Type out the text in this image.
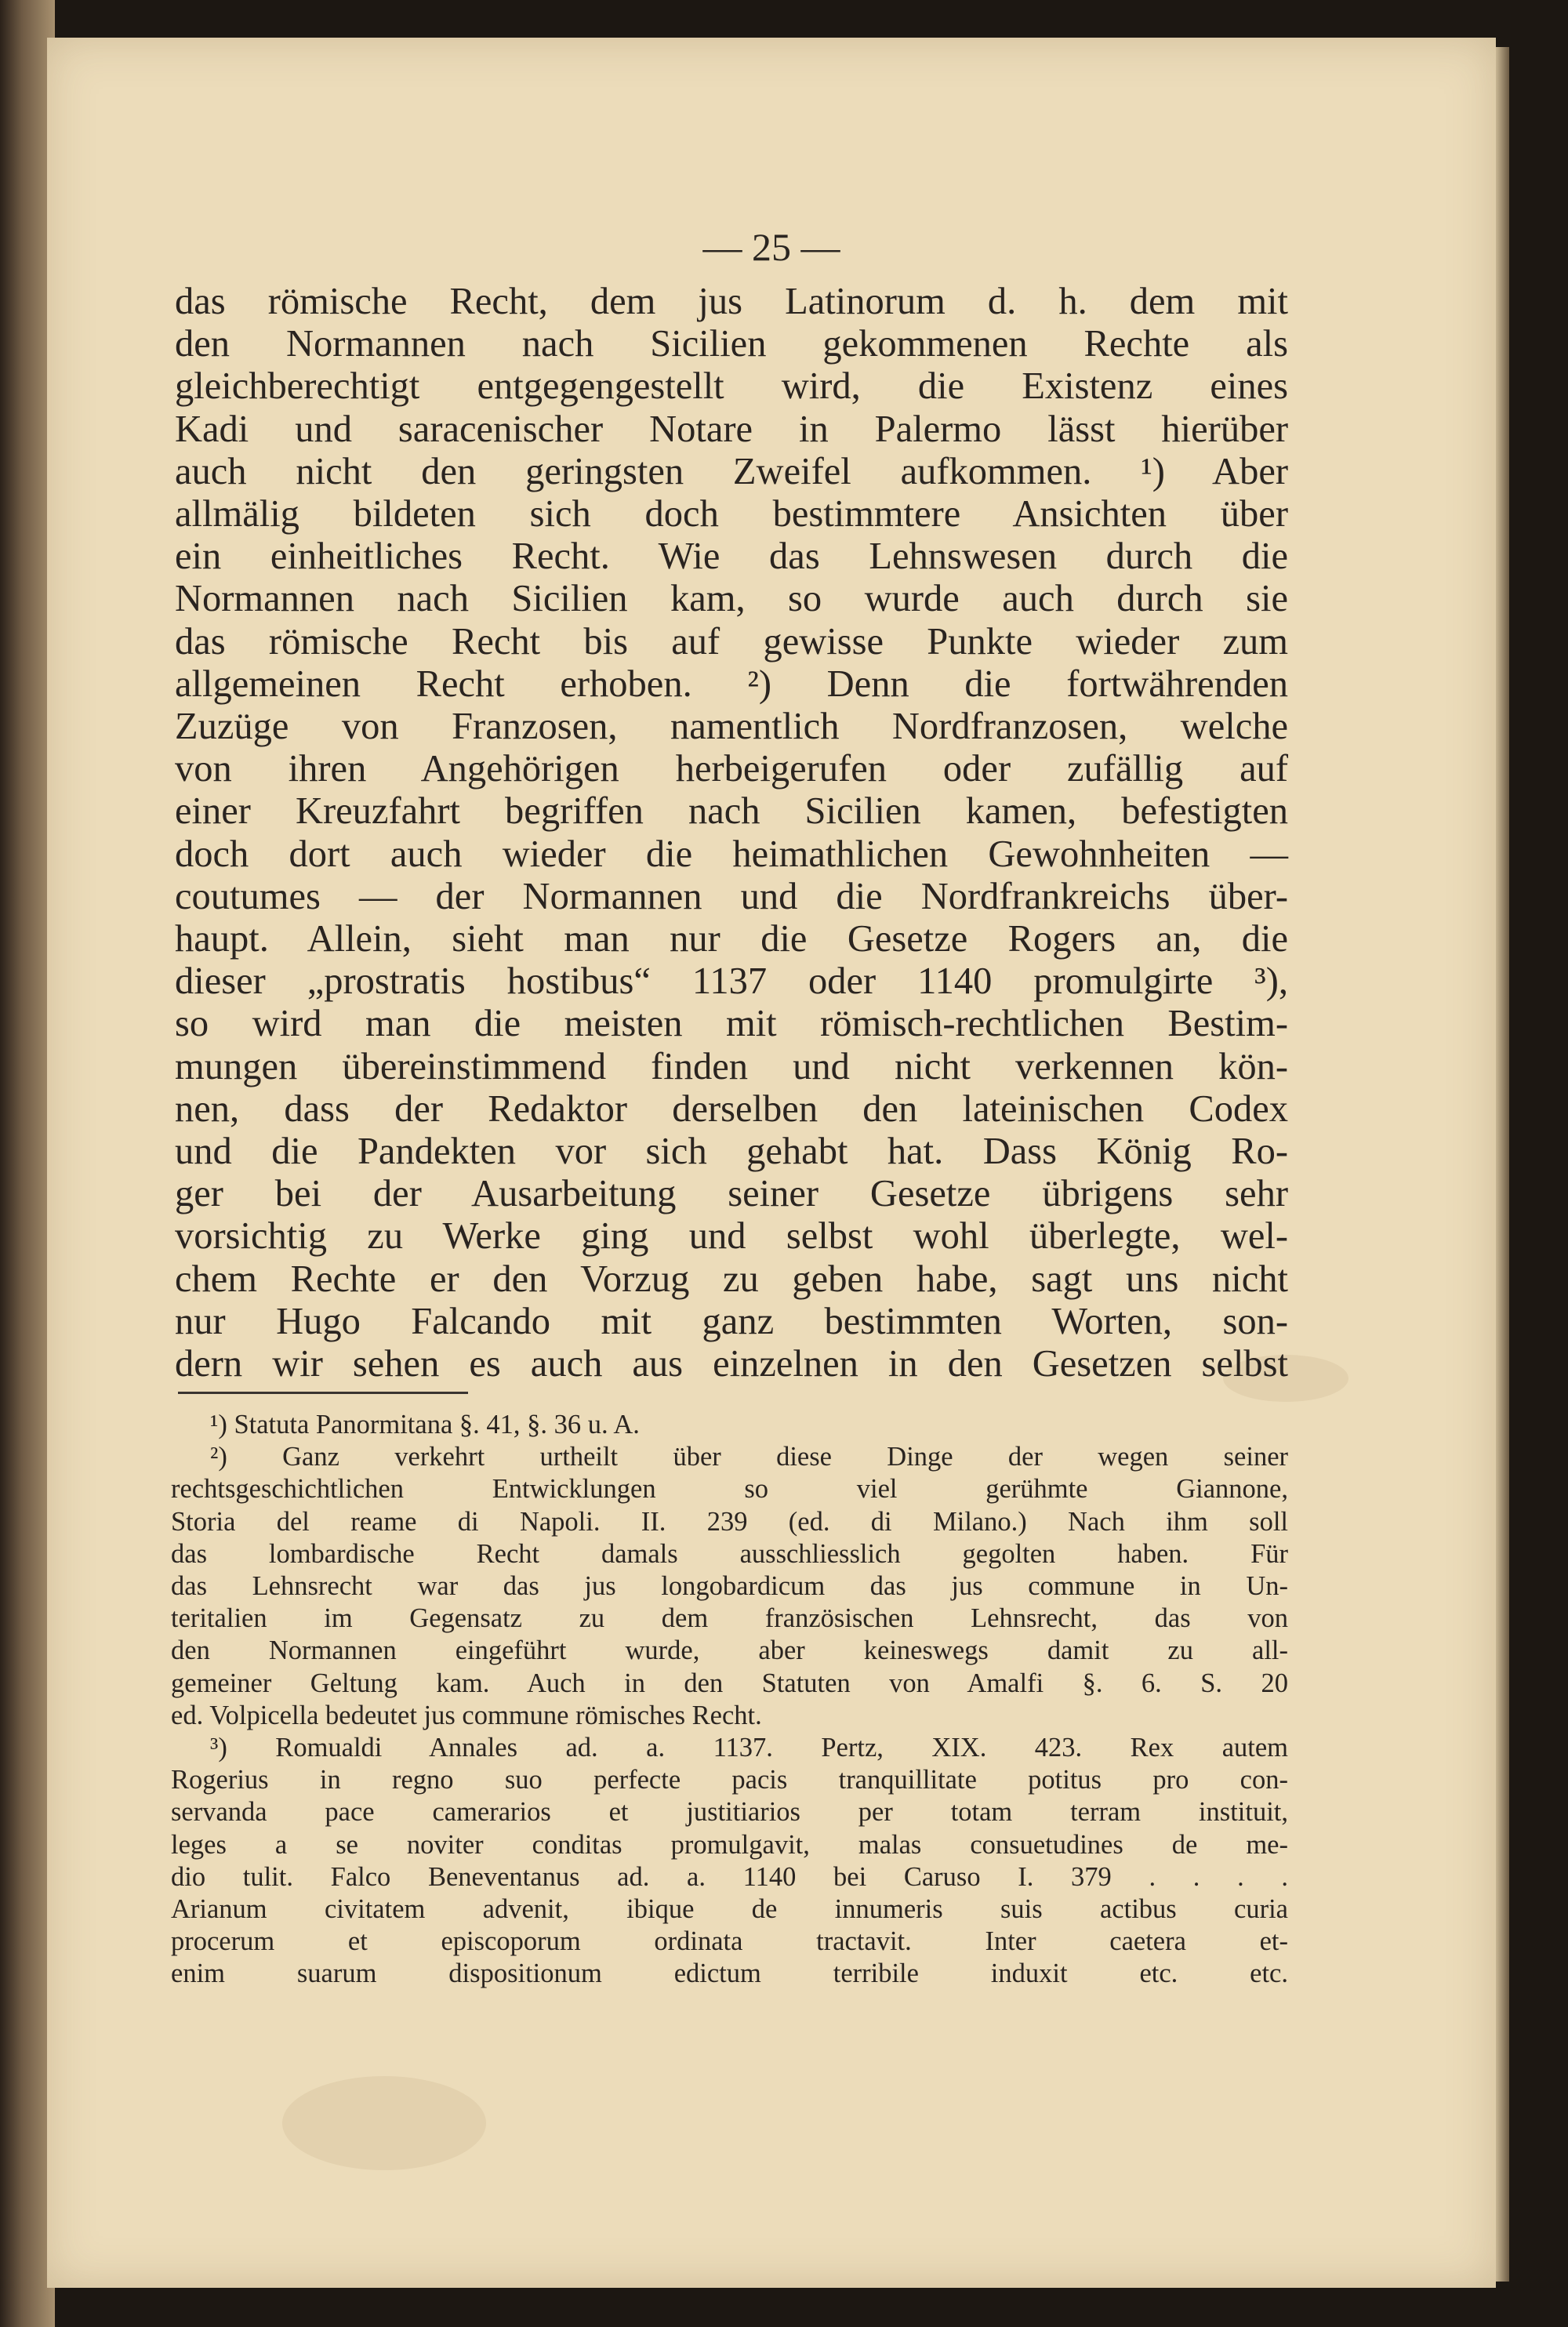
— 25 —
das römische Recht, dem jus Latinorum d. h. dem mit
den Normannen nach Sicilien gekommenen Rechte als
gleichberechtigt entgegengestellt wird, die Existenz eines
Kadi und saracenischer Notare in Palermo lässt hierüber
auch nicht den geringsten Zweifel aufkommen. ¹) Aber
allmälig bildeten sich doch bestimmtere Ansichten über
ein einheitliches Recht. Wie das Lehnswesen durch die
Normannen nach Sicilien kam, so wurde auch durch sie
das römische Recht bis auf gewisse Punkte wieder zum
allgemeinen Recht erhoben. ²) Denn die fortwährenden
Zuzüge von Franzosen, namentlich Nordfranzosen, welche
von ihren Angehörigen herbeigerufen oder zufällig auf
einer Kreuzfahrt begriffen nach Sicilien kamen, befestigten
doch dort auch wieder die heimathlichen Gewohnheiten —
coutumes — der Normannen und die Nordfrankreichs über-
haupt. Allein, sieht man nur die Gesetze Rogers an, die
dieser „prostratis hostibus“ 1137 oder 1140 promulgirte ³),
so wird man die meisten mit römisch-rechtlichen Bestim-
mungen übereinstimmend finden und nicht verkennen kön-
nen, dass der Redaktor derselben den lateinischen Codex
und die Pandekten vor sich gehabt hat. Dass König Ro-
ger bei der Ausarbeitung seiner Gesetze übrigens sehr
vorsichtig zu Werke ging und selbst wohl überlegte, wel-
chem Rechte er den Vorzug zu geben habe, sagt uns nicht
nur Hugo Falcando mit ganz bestimmten Worten, son-
dern wir sehen es auch aus einzelnen in den Gesetzen selbst
¹) Statuta Panormitana §. 41, §. 36 u. A.
²) Ganz verkehrt urtheilt über diese Dinge der wegen seiner
rechtsgeschichtlichen Entwicklungen so viel gerühmte Giannone,
Storia del reame di Napoli. II. 239 (ed. di Milano.) Nach ihm soll
das lombardische Recht damals ausschliesslich gegolten haben. Für
das Lehnsrecht war das jus longobardicum das jus commune in Un-
teritalien im Gegensatz zu dem französischen Lehnsrecht, das von
den Normannen eingeführt wurde, aber keineswegs damit zu all-
gemeiner Geltung kam. Auch in den Statuten von Amalfi §. 6. S. 20
ed. Volpicella bedeutet jus commune römisches Recht.
³) Romualdi Annales ad. a. 1137. Pertz, XIX. 423. Rex autem
Rogerius in regno suo perfecte pacis tranquillitate potitus pro con-
servanda pace camerarios et justitiarios per totam terram instituit,
leges a se noviter conditas promulgavit, malas consuetudines de me-
dio tulit. Falco Beneventanus ad. a. 1140 bei Caruso I. 379 . . . .
Arianum civitatem advenit, ibique de innumeris suis actibus curia
procerum et episcoporum ordinata tractavit. Inter caetera et-
enim suarum dispositionum edictum terribile induxit etc. etc.
